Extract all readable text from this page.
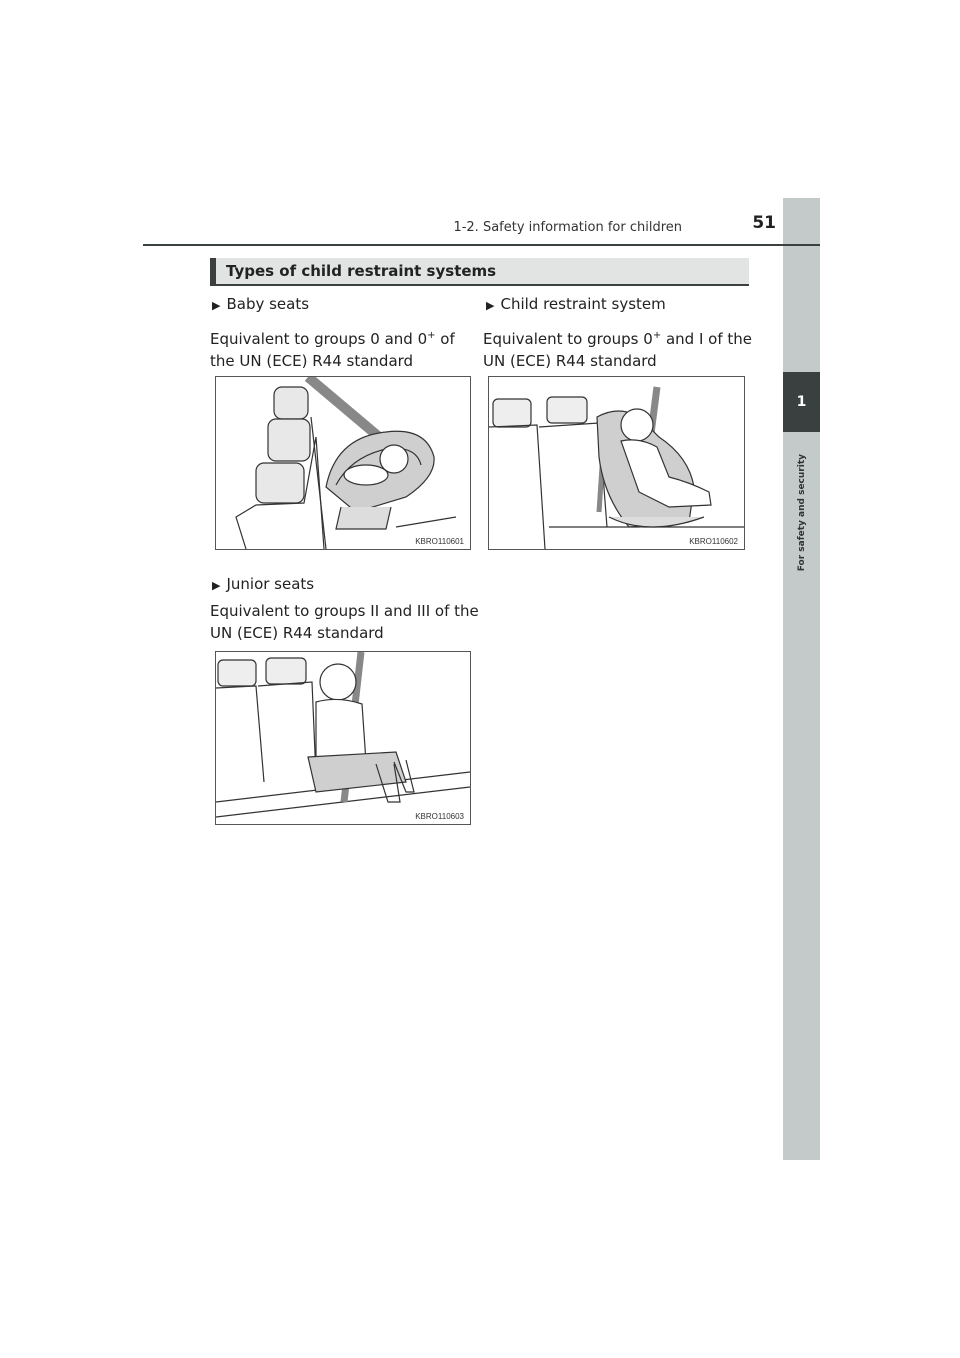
1
For safety and security
1-2. Safety information for children	51
Types of child restraint systems
▶ Baby seats
Equivalent to groups 0 and 0+ of the UN (ECE) R44 standard
KBRO110601
▶ Child restraint system
Equivalent to groups 0+ and I of the UN (ECE) R44 standard
KBRO110602
▶ Junior seats
Equivalent to groups II and III of the UN (ECE) R44 standard
KBRO110603
